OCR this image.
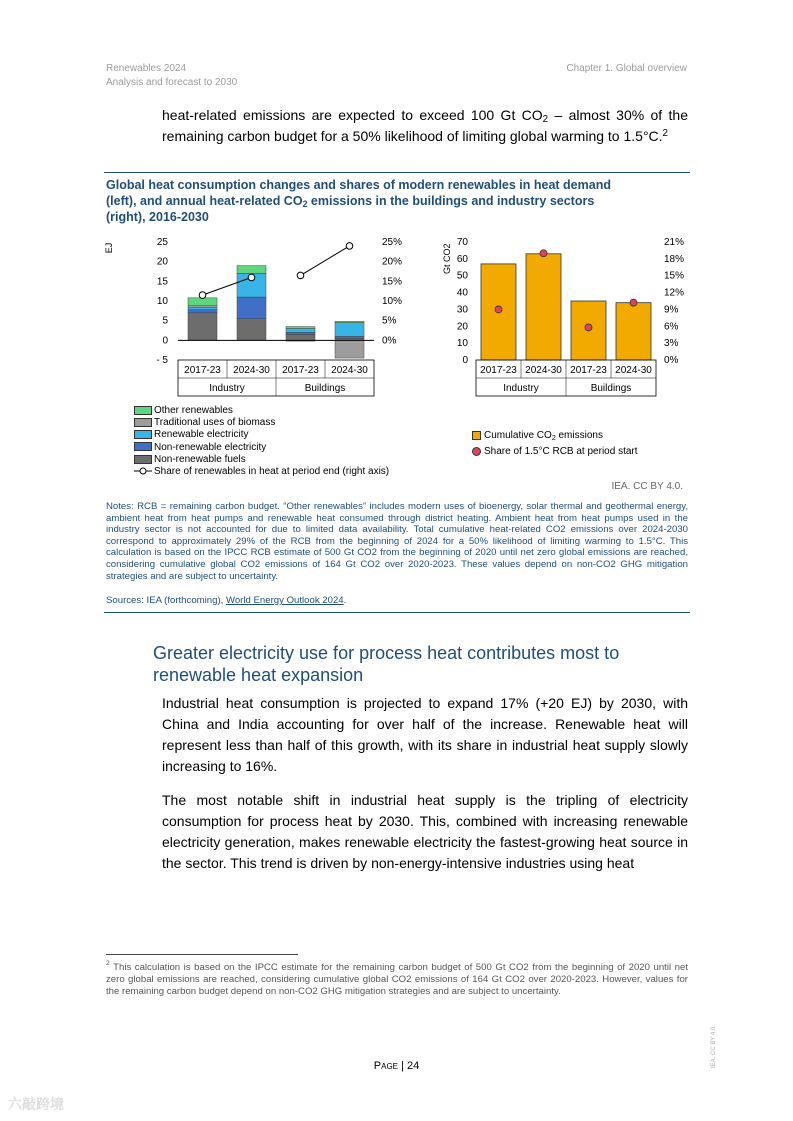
Renewables 2024
Analysis and forecast to 2030
Chapter 1. Global overview
heat-related emissions are expected to exceed 100 Gt $CO_2$ – almost 30% of the
remaining carbon budget for a 50% likelihood of limiting global warming to 1.5°C.$^2$
Global heat consumption changes and shares of modern renewables in heat demand
(left), and annual heat-related $CO_2$ emissions in the buildings and industry sectors
(right), 2016-2030
EJ	25
20
15
10
5
0
- 5
25%
20%
15%
10%
5%
0%
2017-23 2024-30 2017-23 2024-30
Industry	Buildings
Gt CO2
70
60
50
40
30
20
10
0
21%
18%
15%
12%
9%
6%
3%
0%
2017-23 2024-30 2017-23 2024-30
Industry	Buildings
Other renewables
Traditional uses of biomass
Renewable electricity
Non-renewable electricity
Non-renewable fuels
Share of renewables in heat at period end (right axis)
Cumulative $CO_2$ emissions
Share of 1.5°C RCB at period start
IEA. CC BY 4.0.
Notes: RCB = remaining carbon budget. “Other renewables” includes modern uses of bioenergy, solar thermal and geothermal energy, ambient heat from heat pumps and renewable heat consumed through district heating. Ambient heat from heat pumps used in the industry sector is not accounted for due to limited data availability. Total cumulative heat-related CO2 emissions over 2024-2030 correspond to approximately 29% of the RCB from the beginning of 2024 for a 50% likelihood of limiting warming to 1.5°C. This calculation is based on the IPCC RCB estimate of 500 Gt CO2 from the beginning of 2020 until net zero global emissions are reached, considering cumulative global CO2 emissions of 164 Gt CO2 over 2020-2023. These values depend on non-CO2 GHG mitigation strategies and are subject to uncertainty.
Sources: IEA (forthcoming), World Energy Outlook 2024.
Greater electricity use for process heat contributes most to
renewable heat expansion
Industrial heat consumption is projected to expand 17% (+20 EJ) by 2030, with China and India accounting for over half of the increase. Renewable heat will represent less than half of this growth, with its share in industrial heat supply slowly increasing to 16%.
The most notable shift in industrial heat supply is the tripling of electricity consumption for process heat by 2030. This, combined with increasing renewable electricity generation, makes renewable electricity the fastest-growing heat source in the sector. This trend is driven by non-energy-intensive industries using heat
$^2$ This calculation is based on the IPCC estimate for the remaining carbon budget of 500 Gt CO2 from the beginning of 2020 until net zero global emissions are reached, considering cumulative global CO2 emissions of 164 Gt CO2 over 2020-2023. However, values for the remaining carbon budget depend on non-CO2 GHG mitigation strategies and are subject to uncertainty.
Page | 24	IEA. CC BY 4.0.
六敲跨境
